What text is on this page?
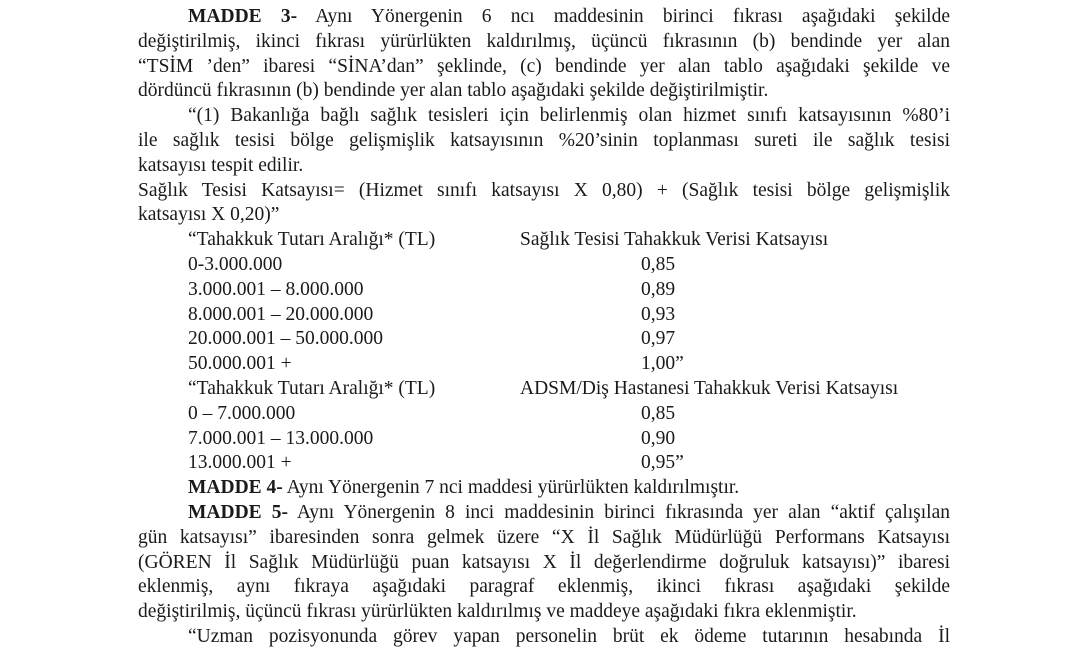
MADDE 3- Aynı Yönergenin 6 ncı maddesinin birinci fıkrası aşağıdaki şekilde
değiştirilmiş, ikinci fıkrası yürürlükten kaldırılmış, üçüncü fıkrasının (b) bendinde yer alan
“TSİM ’den” ibaresi “SİNA’dan” şeklinde, (c) bendinde yer alan tablo aşağıdaki şekilde ve
dördüncü fıkrasının (b) bendinde yer alan tablo aşağıdaki şekilde değiştirilmiştir.
“(1) Bakanlığa bağlı sağlık tesisleri için belirlenmiş olan hizmet sınıfı katsayısının %80’i
ile sağlık tesisi bölge gelişmişlik katsayısının %20’sinin toplanması sureti ile sağlık tesisi
katsayısı tespit edilir.
Sağlık Tesisi Katsayısı= (Hizmet sınıfı katsayısı X 0,80) + (Sağlık tesisi bölge gelişmişlik
katsayısı X 0,20)”
“Tahakkuk Tutarı Aralığı* (TL)	Sağlık Tesisi Tahakkuk Verisi Katsayısı
0-3.000.000	0,85
3.000.001 – 8.000.000	0,89
8.000.001 – 20.000.000	0,93
20.000.001 – 50.000.000	0,97
50.000.001 +	1,00”
“Tahakkuk Tutarı Aralığı* (TL)	ADSM/Diş Hastanesi Tahakkuk Verisi Katsayısı
0 – 7.000.000	0,85
7.000.001 – 13.000.000	0,90
13.000.001 +	0,95”
MADDE 4- Aynı Yönergenin 7 nci maddesi yürürlükten kaldırılmıştır.
MADDE 5- Aynı Yönergenin 8 inci maddesinin birinci fıkrasında yer alan “aktif çalışılan
gün katsayısı” ibaresinden sonra gelmek üzere “X İl Sağlık Müdürlüğü Performans Katsayısı
(GÖREN İl Sağlık Müdürlüğü puan katsayısı X İl değerlendirme doğruluk katsayısı)” ibaresi
eklenmiş, aynı fıkraya aşağıdaki paragraf eklenmiş, ikinci fıkrası aşağıdaki şekilde
değiştirilmiş, üçüncü fıkrası yürürlükten kaldırılmış ve maddeye aşağıdaki fıkra eklenmiştir.
“Uzman pozisyonunda görev yapan personelin brüt ek ödeme tutarının hesabında İl
